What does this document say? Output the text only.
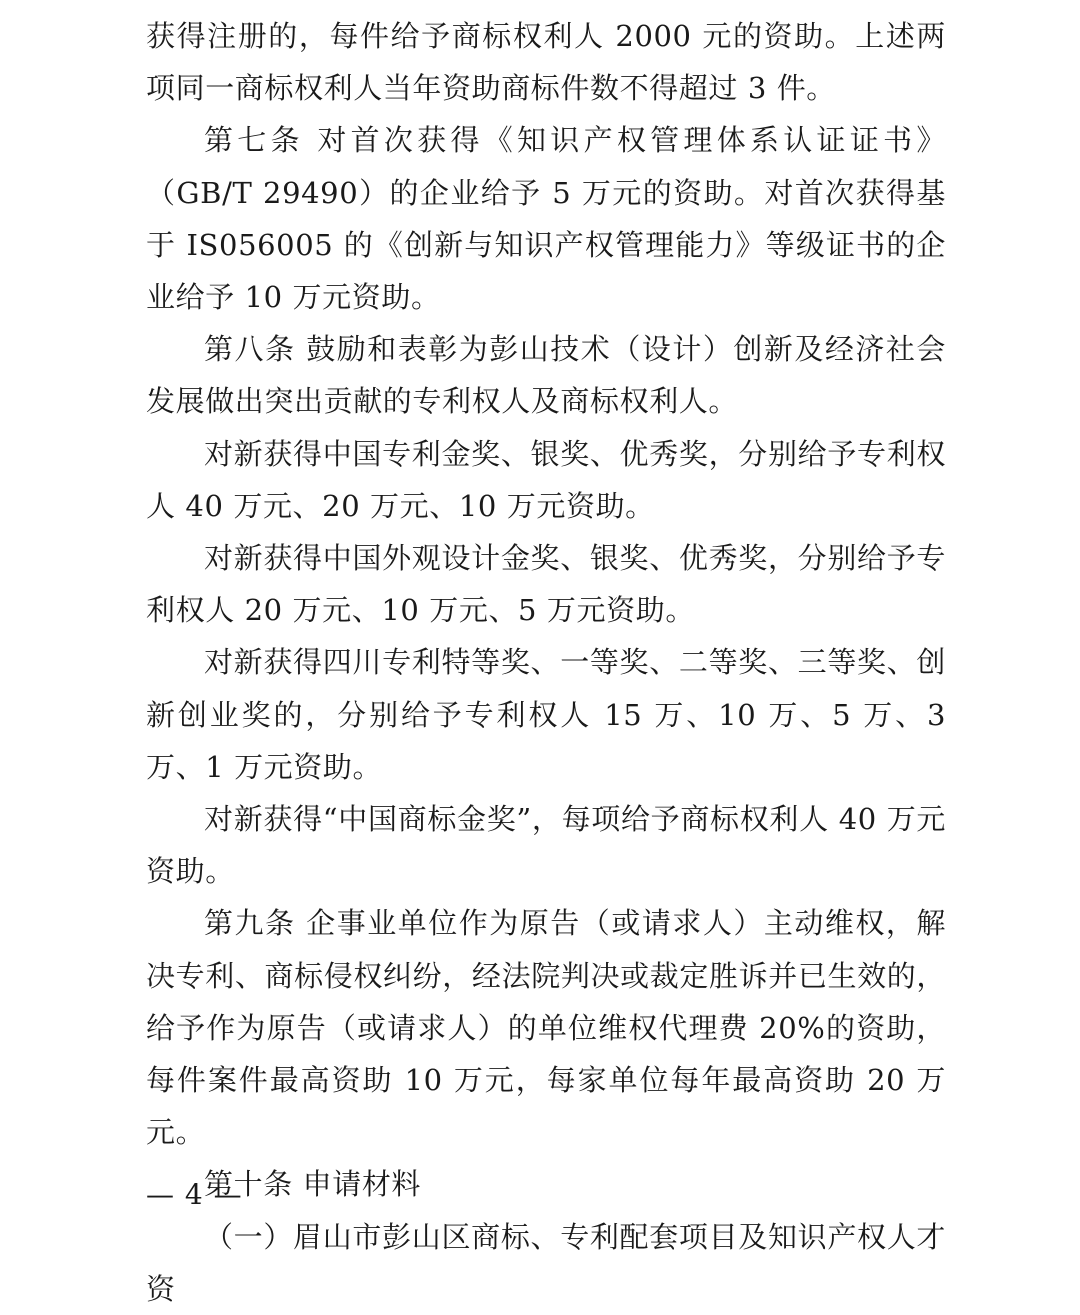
获得注册的，每件给予商标权利人 2000 元的资助。上述两项同一商标权利人当年资助商标件数不得超过 3 件。

第七条 对首次获得《知识产权管理体系认证证书》（GB/T 29490）的企业给予 5 万元的资助。对首次获得基于 IS056005 的《创新与知识产权管理能力》等级证书的企业给予 10 万元资助。

第八条 鼓励和表彰为彭山技术（设计）创新及经济社会发展做出突出贡献的专利权人及商标权利人。

对新获得中国专利金奖、银奖、优秀奖，分别给予专利权人 40 万元、20 万元、10 万元资助。

对新获得中国外观设计金奖、银奖、优秀奖，分别给予专利权人 20 万元、10 万元、5 万元资助。

对新获得四川专利特等奖、一等奖、二等奖、三等奖、创新创业奖的，分别给予专利权人 15 万、10 万、5 万、3 万、1 万元资助。

对新获得“中国商标金奖”，每项给予商标权利人 40 万元资助。

第九条 企事业单位作为原告（或请求人）主动维权，解决专利、商标侵权纠纷，经法院判决或裁定胜诉并已生效的，给予作为原告（或请求人）的单位维权代理费 20%的资助，每件案件最高资助 10 万元，每家单位每年最高资助 20 万元。

第十条 申请材料

（一）眉山市彭山区商标、专利配套项目及知识产权人才资

— 4 —
